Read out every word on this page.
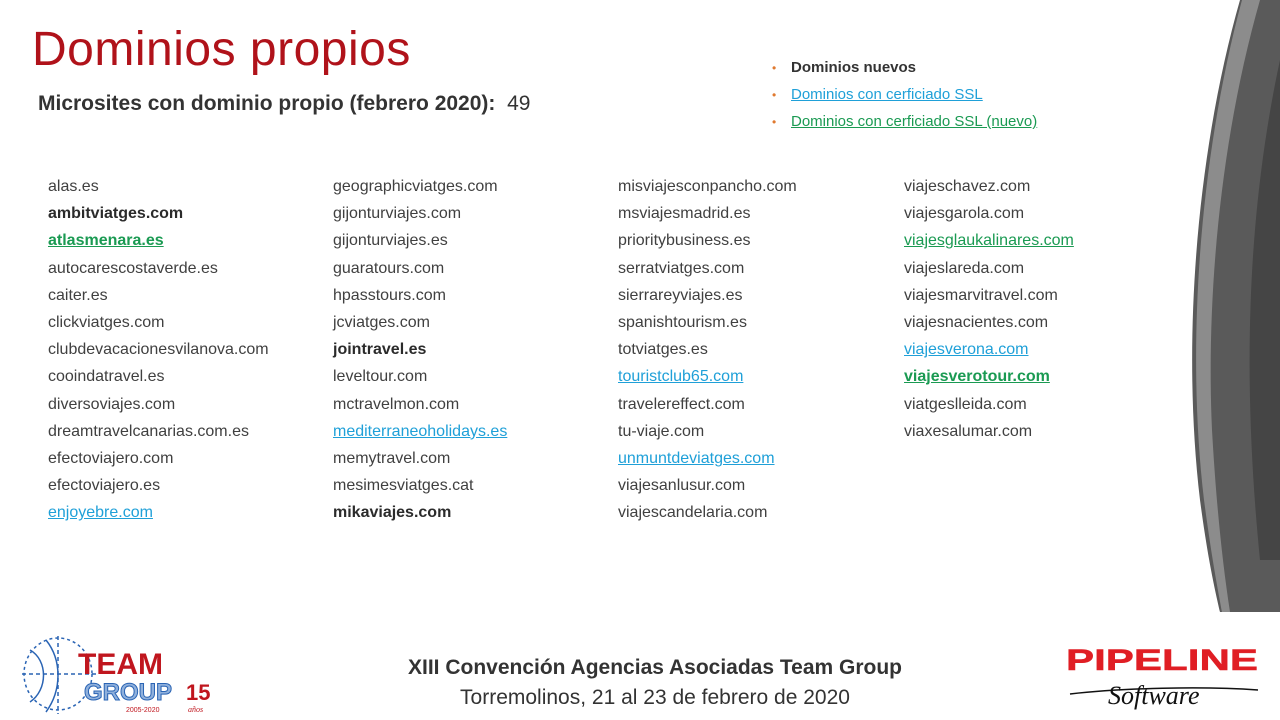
Dominios propios
Microsites con dominio propio (febrero 2020): 49
• Dominios nuevos
• Dominios con cerficiado SSL
• Dominios con cerficiado SSL (nuevo)
alas.es
ambitviatges.com
atlasmenara.es
autocarescostaverde.es
caiter.es
clickviatges.com
clubdevacacionesvilanova.com
cooindatravel.es
diversoviajes.com
dreamtravelcanarias.com.es
efectoviajero.com
efectoviajero.es
enjoyebre.com
geographicviatges.com
gijonturviajes.com
gijonturviajes.es
guaratours.com
hpasstours.com
jcviatges.com
jointravel.es
leveltour.com
mctravelmon.com
mediterraneoholidays.es
memytravel.com
mesimesviatges.cat
mikaviajes.com
misviajesconpancho.com
msviajesmadrid.es
prioritybusiness.es
serratviatges.com
sierrareyviajes.es
spanishtourism.es
totviatges.es
touristclub65.com
travelereffect.com
tu-viaje.com
unmuntdeviatges.com
viajesanlusur.com
viajescandelaria.com
viajeschavez.com
viajesgarola.com
viajesglaukalinares.com
viajeslareda.com
viajesmarvitravel.com
viajesnacientes.com
viajesverona.com
viajesverotour.com
viatgeslleida.com
viaxesalumar.com
TEAM
GROUP 15
2005-2020	años
XIII Convención Agencias Asociadas Team Group
Torremolinos, 21 al 23 de febrero de 2020
PIPELINE
Software
